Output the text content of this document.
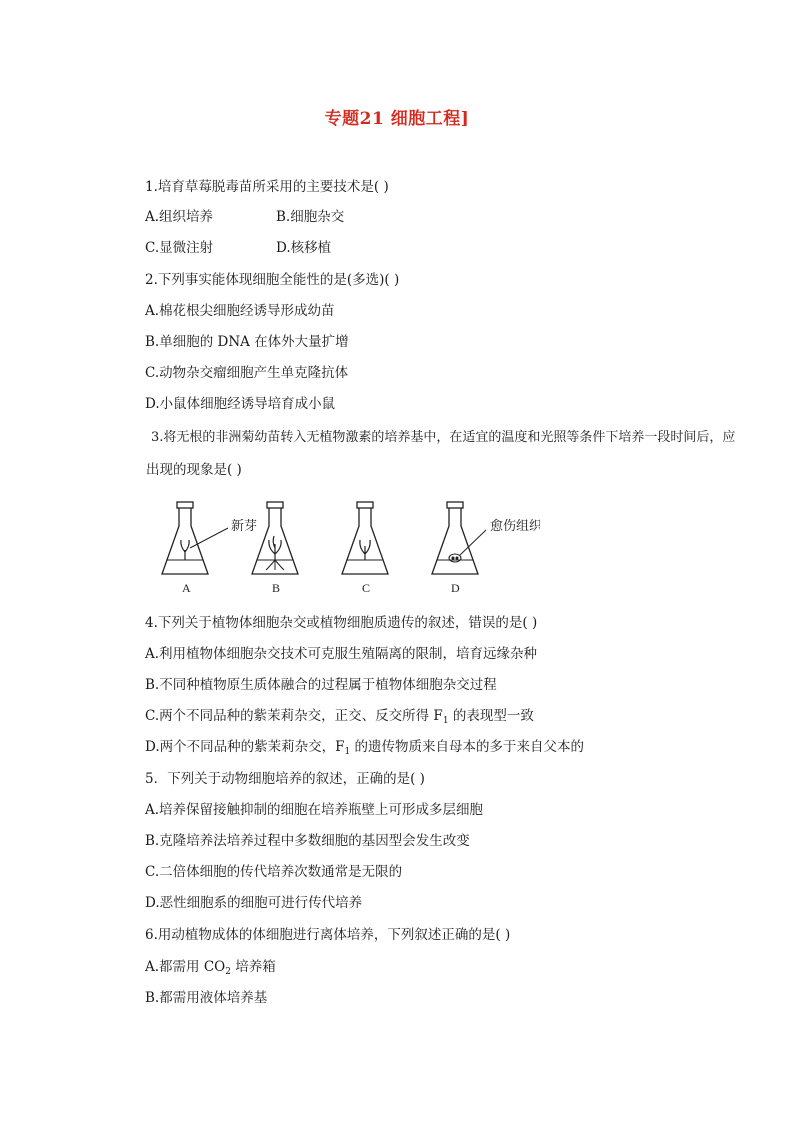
专题21 细胞工程]
1.培育草莓脱毒苗所采用的主要技术是( )
A.组织培养	B.细胞杂交
C.显微注射	D.核移植
2.下列事实能体现细胞全能性的是(多选)( )
A.棉花根尖细胞经诱导形成幼苗
B.单细胞的 DNA 在体外大量扩增
C.动物杂交瘤细胞产生单克隆抗体
D.小鼠体细胞经诱导培育成小鼠
3.将无根的非洲菊幼苗转入无植物激素的培养基中，在适宜的温度和光照等条件下培养一段时间后，应
出现的现象是( )
新芽	愈伤组织
A	B	C	D
4.下列关于植物体细胞杂交或植物细胞质遗传的叙述，错误的是( )
A.利用植物体细胞杂交技术可克服生殖隔离的限制，培育远缘杂种
B.不同种植物原生质体融合的过程属于植物体细胞杂交过程
C.两个不同品种的紫茉莉杂交，正交、反交所得 $F_1$ 的表现型一致
D.两个不同品种的紫茉莉杂交，$F_1$ 的遗传物质来自母本的多于来自父本的
5．下列关于动物细胞培养的叙述，正确的是( )
A.培养保留接触抑制的细胞在培养瓶壁上可形成多层细胞
B.克隆培养法培养过程中多数细胞的基因型会发生改变
C.二倍体细胞的传代培养次数通常是无限的
D.恶性细胞系的细胞可进行传代培养
6.用动植物成体的体细胞进行离体培养，下列叙述正确的是( )
A.都需用 $CO_2$ 培养箱
B.都需用液体培养基
